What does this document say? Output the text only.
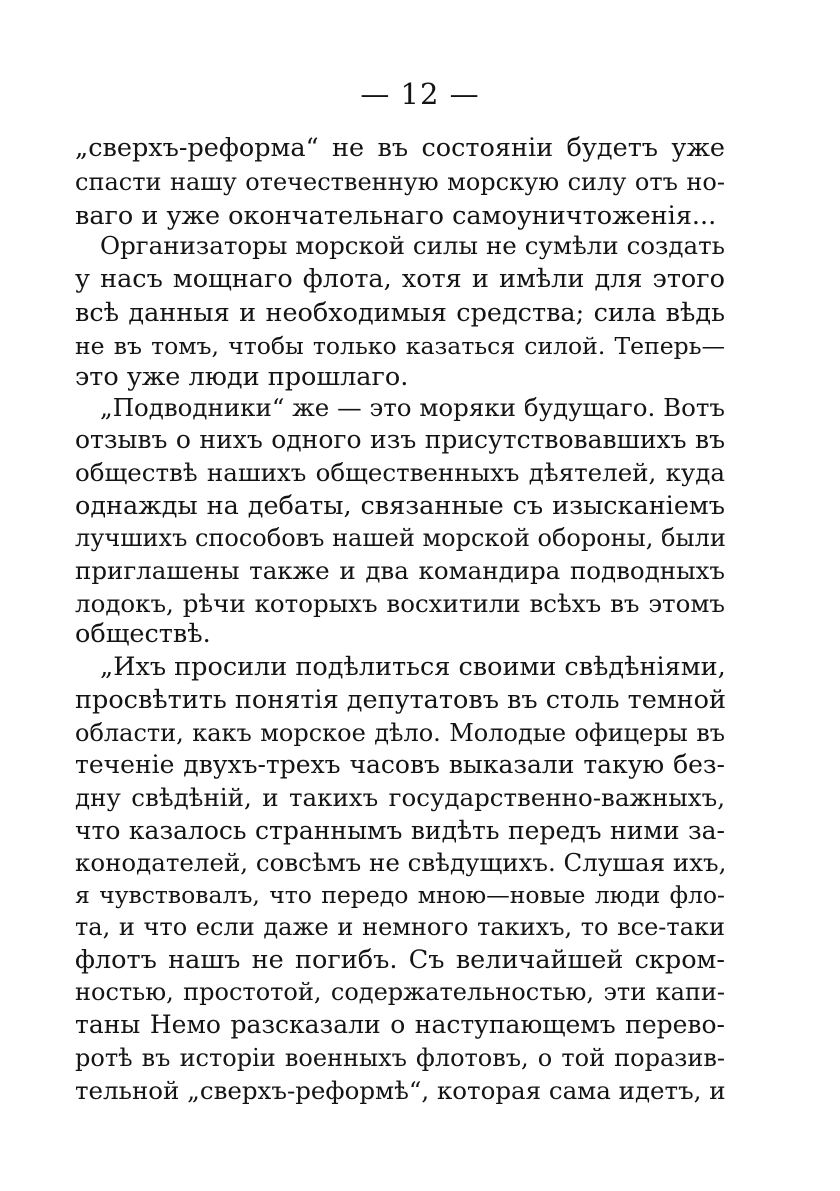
— 12 —
„сверхъ-реформа“ не въ состоянiи будетъ уже
спасти нашу отечественную морскую силу отъ но-
ваго и уже окончательнаго самоуничтоженія...
Организаторы морской силы не сумѣли создать
у насъ мощнаго флота, хотя и имѣли для этого
всѣ данныя и необходимыя средства; сила вѣдь
не въ томъ, чтобы только казаться силой. Теперь—
это уже люди прошлаго.
„Подводники“ же — это моряки будущаго. Вотъ
отзывъ о нихъ одного изъ присутствовавшихъ въ
обществѣ нашихъ общественныхъ дѣятелей, куда
однажды на дебаты, связанные съ изысканіемъ
лучшихъ способовъ нашей морской обороны, были
приглашены также и два командира подводныхъ
лодокъ, рѣчи которыхъ восхитили всѣхъ въ этомъ
обществѣ.
„Ихъ просили подѣлиться своими свѣдѣніями,
просвѣтить понятія депутатовъ въ столь темной
области, какъ морское дѣло. Молодые офицеры въ
теченіе двухъ-трехъ часовъ выказали такую без-
дну свѣдѣній, и такихъ государственно-важныхъ,
что казалось страннымъ видѣть передъ ними за-
конодателей, совсѣмъ не свѣдущихъ. Слушая ихъ,
я чувствовалъ, что передо мною—новые люди фло-
та, и что если даже и немного такихъ, то все-таки
флотъ нашъ не погибъ. Съ величайшей скром-
ностью, простотой, содержательностью, эти капи-
таны Немо разсказали о наступающемъ перево-
ротѣ въ исторіи военныхъ флотовъ, о той поразив-
тельной „сверхъ-реформѣ“, которая сама идетъ, и
